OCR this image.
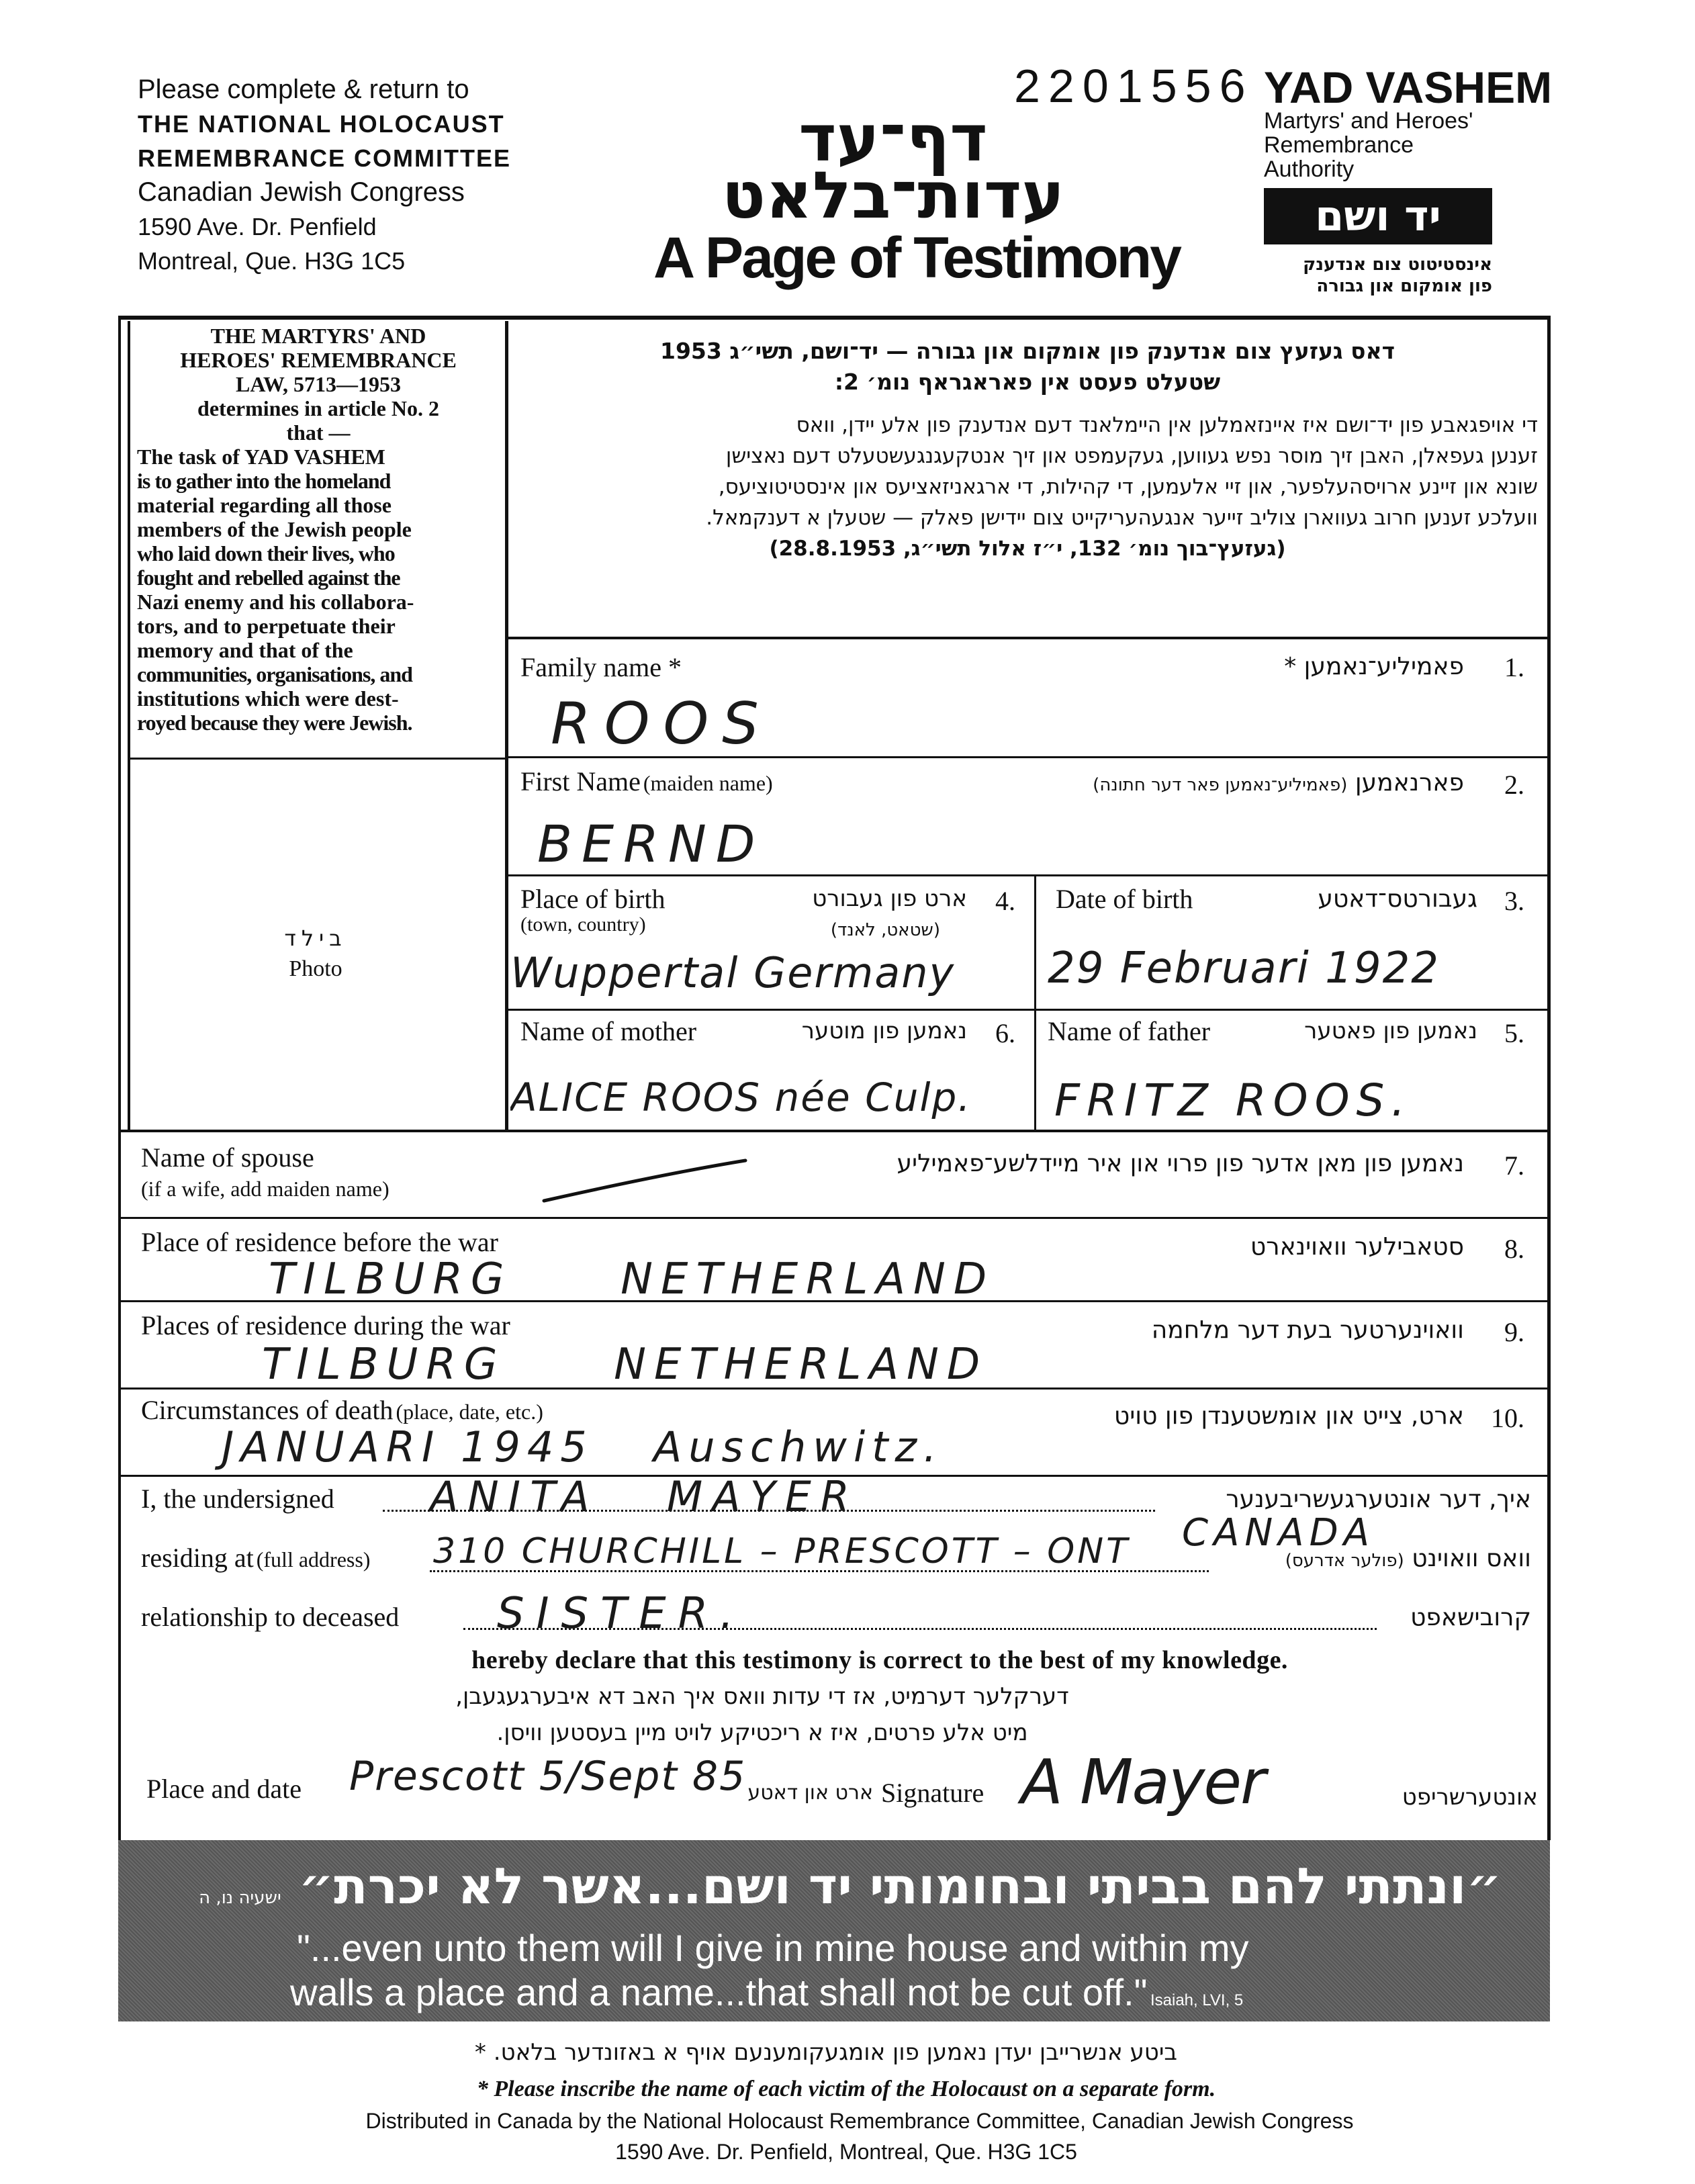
Please complete & return to
THE NATIONAL HOLOCAUST
REMEMBRANCE COMMITTEE
Canadian Jewish Congress
1590 Ave. Dr. Penfield
Montreal, Que. H3G 1C5
2201556
דף־עד
עדות־בלאט
A Page of Testimony
YAD VASHEM
Martyrs' and Heroes'
Remembrance
Authority
יד ושם
אינסטיטוט צום אנדענק
פון אומקום און גבורה
THE MARTYRS' AND
HEROES' REMEMBRANCE
LAW, 5713—1953
determines in article No. 2
that —
The task of YAD VASHEM
is to gather into the homeland
material regarding all those
members of the Jewish people
who laid down their lives, who
fought and rebelled against the
Nazi enemy and his collabora-
tors, and to perpetuate their
memory and that of the
communities, organisations, and
institutions which were dest-
royed because they were Jewish.
בילד
Photo
דאס געזעץ צום אנדענק פון אומקום און גבורה — יד־ושם, תשי״ג 1953
שטעלט פעסט אין פאראגראף נומ׳ 2:
די אויפגאבע פון יד־ושם איז איינזאמלען אין היימלאנד דעם אנדענק פון אלע יידן, וואס
זענען געפאלן, האבן זיך מוסר נפש געווען, געקעמפט און זיך אנטקעגנגעשטעלט דעם נאצישן
שונא און זיינע ארויסהעלפער, און זיי אלעמען, די קהילות, די ארגאניזאציעס און אינסטיטוציעס,
וועלכע זענען חרוב געווארן צוליב זייער אנגעהעריקייט צום יידישן פאלק — שטעלן א דענקמאל.
(געזעץ־בוך נומ׳ 132, י״ז אלול תשי״ג, 28.8.1953)
Family name *	פאמיליע־נאמען * 1.
ROOS
First Name (maiden name)	פארנאמען (פאמיליע־נאמען פאר דער חתונה)	2.
BERND
Place of birth
(town, country)
ארט פון געבורט
(שטאט, לאנד)
4.
Wuppertal Germany
Date of birth	געבורטס־דאטע 3.
29 Februari 1922
Name of mother	נאמען פון מוטער 6.
ALICE ROOS née Culp.
Name of father	נאמען פון פאטער 5.
FRITZ ROOS.
Name of spouse
(if a wife, add maiden name)
נאמען פון מאן אדער פון פרוי און איר מיידלשע־פאמיליע 7.
Place of residence before the war	סטאבילער וואוינארט 8.
TILBURG     NETHERLAND
Places of residence during the war	וואוינערטער בעת דער מלחמה 9.
TILBURG     NETHERLAND
Circumstances of death (place, date, etc.)	ארט, צייט און אומשטענדן פון טויט 10.
JANUARI 1945   Auschwitz.
I, the undersigned ANITA   MAYER	איך, דער אונטערגעשריבענער
residing at (full address) 310 CHURCHILL – PRESCOTT – ONT CANADA
וואס וואוינט (פולער אדרעס)
relationship to deceased SISTER.	קרובישאפט
hereby declare that this testimony is correct to the best of my knowledge.
דערקלער דערמיט, אז די עדות וואס איך האב דא איבערגעגעבן,
מיט אלע פרטים, איז א ריכטיקע לויט מיין בעסטען וויסן.
Place and date Prescott 5/Sept 85 ארט און דאטע Signature A Mayer	אונטערשריפט
״ונתתי להם בביתי ובחומותי יד ושם...אשר לא יכרת״ ישעיה נו, ה
"...even unto them will I give in mine house and within my
walls a place and a name...that shall not be cut off." Isaiah, LVI, 5
ביטע אנשרייבן יעדן נאמען פון אומגעקומענעם אויף א באזונדער בלאט. *
* Please inscribe the name of each victim of the Holocaust on a separate form.
Distributed in Canada by the National Holocaust Remembrance Committee, Canadian Jewish Congress
1590 Ave. Dr. Penfield, Montreal, Que. H3G 1C5
